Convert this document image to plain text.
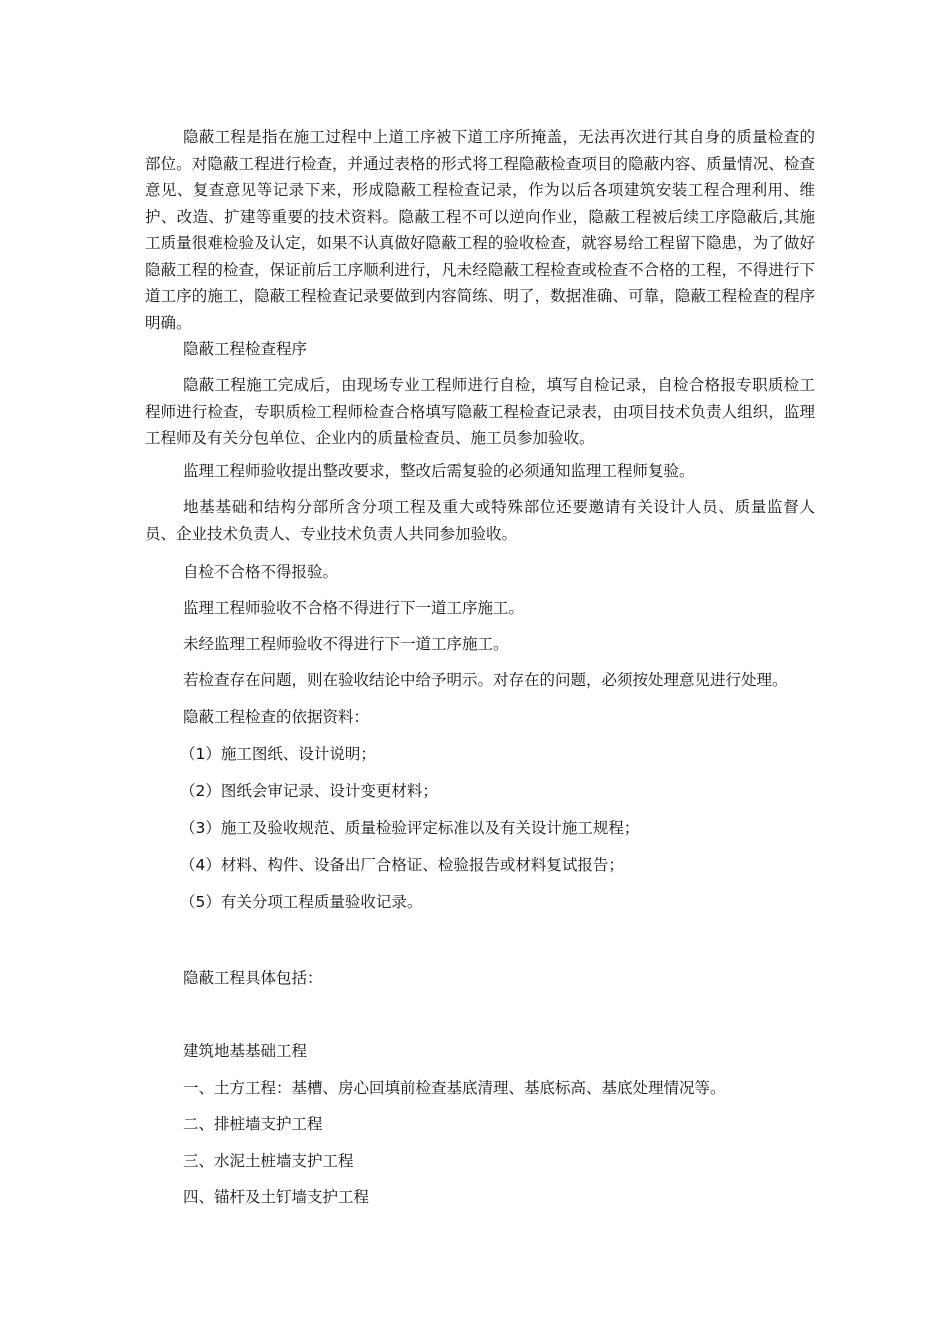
隐蔽工程是指在施工过程中上道工序被下道工序所掩盖，无法再次进行其自身的质量检查的部位。对隐蔽工程进行检查，并通过表格的形式将工程隐蔽检查项目的隐蔽内容、质量情况、检查意见、复查意见等记录下来，形成隐蔽工程检查记录，作为以后各项建筑安装工程合理利用、维护、改造、扩建等重要的技术资料。隐蔽工程不可以逆向作业，隐蔽工程被后续工序隐蔽后,其施工质量很难检验及认定，如果不认真做好隐蔽工程的验收检查，就容易给工程留下隐患，为了做好隐蔽工程的检查，保证前后工序顺利进行，凡未经隐蔽工程检查或检查不合格的工程，不得进行下道工序的施工，隐蔽工程检查记录要做到内容简练、明了，数据准确、可靠，隐蔽工程检查的程序明确。

隐蔽工程检查程序

隐蔽工程施工完成后，由现场专业工程师进行自检，填写自检记录，自检合格报专职质检工程师进行检查，专职质检工程师检查合格填写隐蔽工程检查记录表，由项目技术负责人组织，监理工程师及有关分包单位、企业内的质量检查员、施工员参加验收。

监理工程师验收提出整改要求，整改后需复验的必须通知监理工程师复验。

地基基础和结构分部所含分项工程及重大或特殊部位还要邀请有关设计人员、质量监督人员、企业技术负责人、专业技术负责人共同参加验收。

自检不合格不得报验。

监理工程师验收不合格不得进行下一道工序施工。

未经监理工程师验收不得进行下一道工序施工。

若检查存在问题，则在验收结论中给予明示。对存在的问题，必须按处理意见进行处理。

隐蔽工程检查的依据资料：

（1）施工图纸、设计说明；

（2）图纸会审记录、设计变更材料；

（3）施工及验收规范、质量检验评定标准以及有关设计施工规程；

（4）材料、构件、设备出厂合格证、检验报告或材料复试报告；

（5）有关分项工程质量验收记录。

隐蔽工程具体包括：

建筑地基基础工程

一、土方工程：基槽、房心回填前检查基底清理、基底标高、基底处理情况等。

二、排桩墙支护工程

三、水泥土桩墙支护工程

四、锚杆及土钉墙支护工程
